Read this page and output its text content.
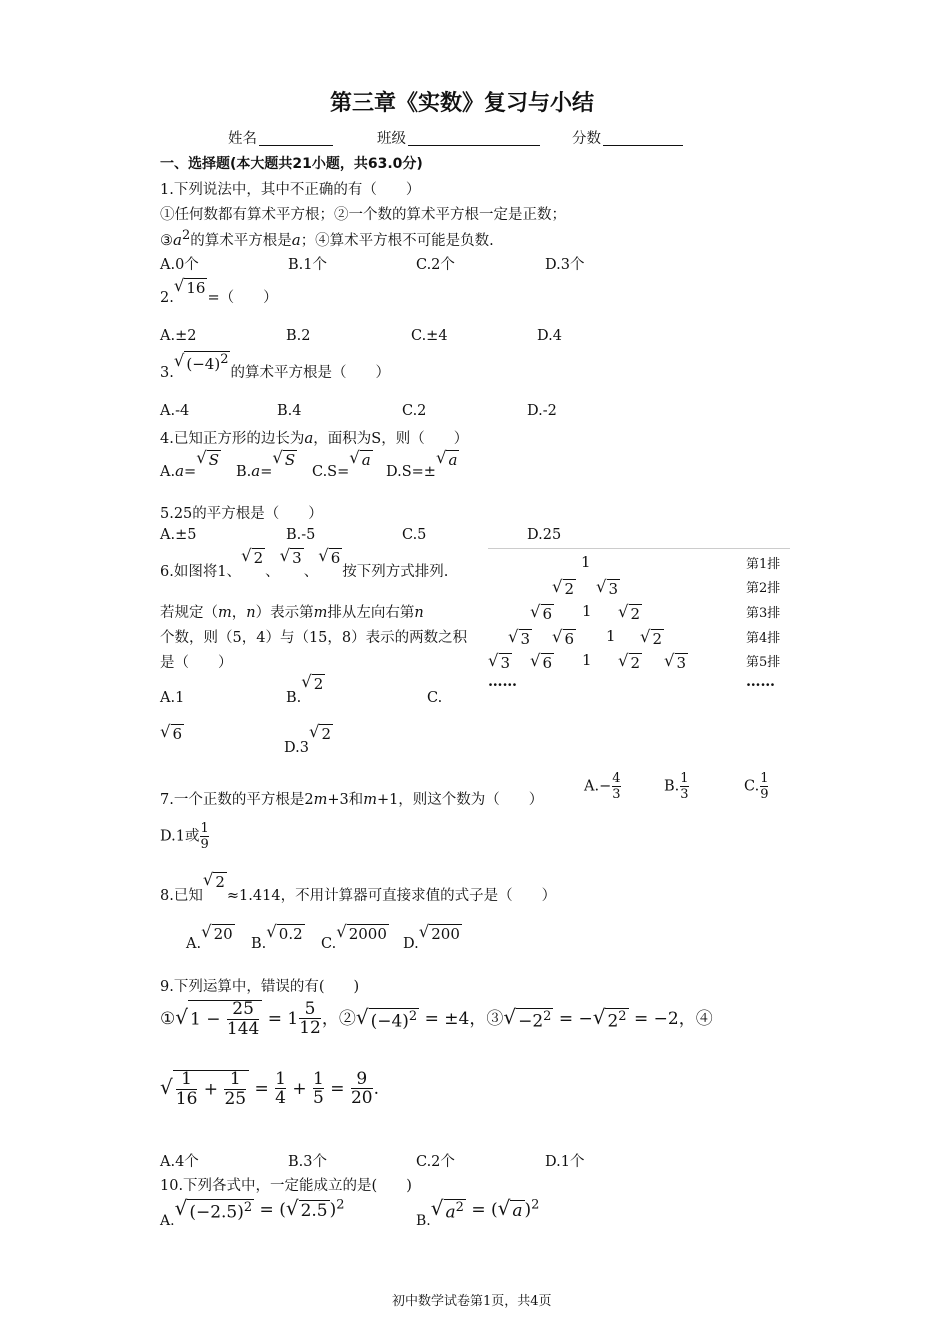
第三章《实数》复习与小结
姓名	班级	分数
一、选择题(本大题共21小题，共63.0分)
1.下列说法中，其中不正确的有（　　）
①任何数都有算术平方根；②一个数的算术平方根一定是正数；
$③a^2$的算术平方根是a；④算术平方根不可能是负数.
A.0个	B.1个	C.2个	D.3个
2.√ 16=（　　）
A.±2	B.2	C.±4	D.4
3.√ $(-4)^2$的算术平方根是（　　）
A.-4	B.4	C.2	D.-2
4.已知正方形的边长为a，面积为S，则（　　）
A.a=√ S
B.a=√ S
C.S=√ a
D.S=±√ a
5.25的平方根是（　　）
A.±5	B.-5	C.5	D.25
6.如图将1、√ 2、√ 3、√ 6按下列方式排列.
若规定（m，n）表示第m排从左向右第n
个数，则（5，4）与（15，8）表示的两数之积
是（　　）
A.1	B.√ 2
C.
√ 6
D.3√ 2
1	第1排
√ 2 √ 3	第2排
√ 6 1 √ 2	第3排
√ 3 √ 6 1 √ 2	第4排
√ 3 √ 6 1 √ 2 √ 3	第5排
……	……
7.一个正数的平方根是2m+3和m+1，则这个数为（　　）
$A.- \frac{4}{3}$	B. $\frac{1}{3}$	C. $\frac{1}{9}$
D.1或 $\frac{1}{9}$
8.已知√ 2≈1.414，不用计算器可直接求值的式子是（　　）
A.√ 20
B.√ 0.2
C.√ 2000
D.√ 200
9.下列运算中，错误的有(　　)
①√ $1 - \frac{25}{144} = 1 \frac{5}{12}$ ，②√ $(-4)^2 = \pm 4$，③√ $-2^2$ = −√ $2^2 = -2$，④
√ $\frac{1}{16} + \frac{1}{25} = \frac{1}{4} + \frac{1}{5} = \frac{9}{20}$ .
A.4个	B.3个	C.2个	D.1个
10.下列各式中，一定能成立的是(　　)
$_{A.}$√ $(-2.5)^2$ = (√ 2.5 )$^2$
$_{B.}$√ $a^2$ = (√ a )$^2$
初中数学试卷第1页，共4页
